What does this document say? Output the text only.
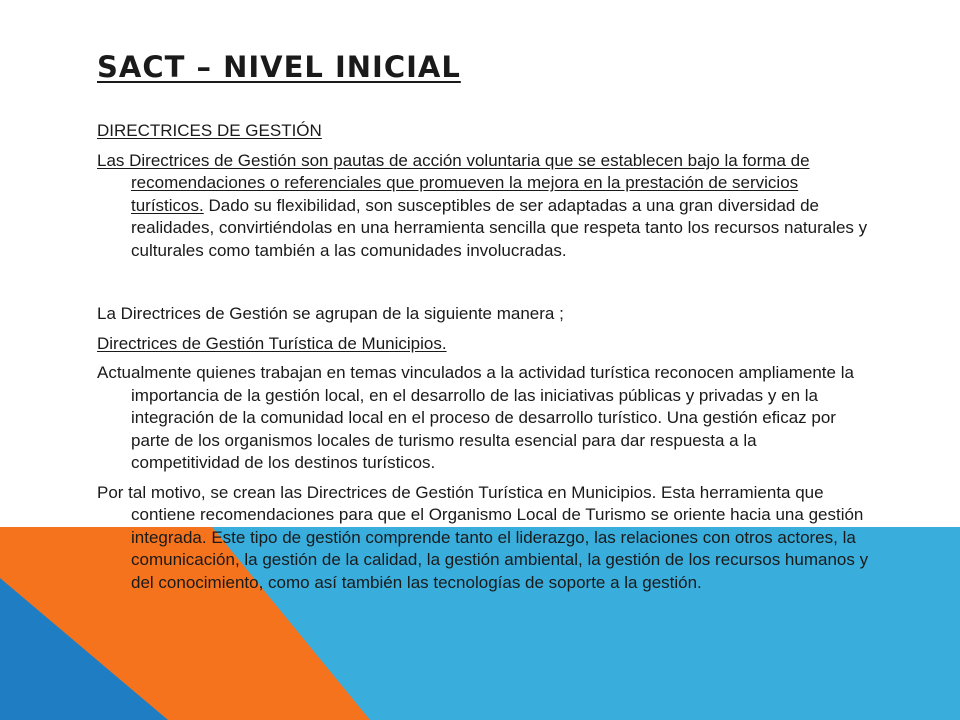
SACT – NIVEL INICIAL

DIRECTRICES DE GESTIÓN

Las Directrices de Gestión son pautas de acción voluntaria que se establecen bajo la forma de recomendaciones o referenciales que promueven la mejora en la prestación de servicios turísticos. Dado su flexibilidad, son susceptibles de ser adaptadas a una gran diversidad de realidades, convirtiéndolas en una herramienta sencilla que respeta tanto los recursos naturales y culturales como también a las comunidades involucradas.

La Directrices de Gestión se agrupan de la siguiente manera ;

Directrices de Gestión Turística de Municipios.

Actualmente quienes trabajan en temas vinculados a la actividad turística reconocen ampliamente la importancia de la gestión local, en el desarrollo de las iniciativas públicas y privadas y en la integración de la comunidad local en el proceso de desarrollo turístico. Una gestión eficaz por parte de los organismos locales de turismo resulta esencial para dar respuesta a la competitividad de los destinos turísticos.

Por tal motivo, se crean las Directrices de Gestión Turística en Municipios. Esta herramienta que contiene recomendaciones para que el Organismo Local de Turismo se oriente hacia una gestión integrada. Este tipo de gestión comprende tanto el liderazgo, las relaciones con otros actores, la comunicación, la gestión de la calidad, la gestión ambiental, la gestión de los recursos humanos y del conocimiento, como así también las tecnologías de soporte a la gestión.
